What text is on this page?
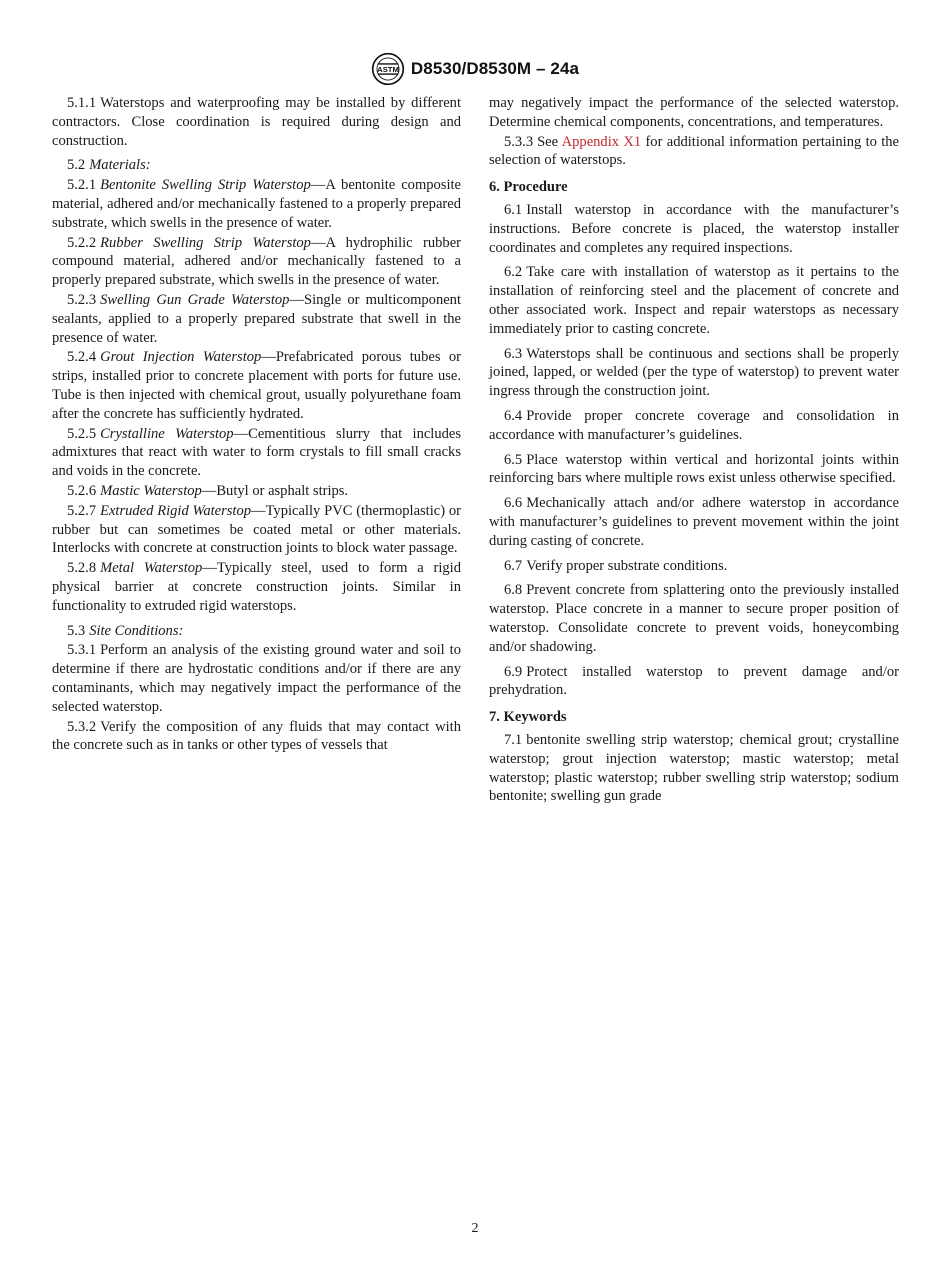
ASTM D8530/D8530M – 24a

5.1.1 Waterstops and waterproofing may be installed by different contractors. Close coordination is required during design and construction.

5.2 Materials:

5.2.1 Bentonite Swelling Strip Waterstop—A bentonite composite material, adhered and/or mechanically fastened to a properly prepared substrate, which swells in the presence of water.

5.2.2 Rubber Swelling Strip Waterstop—A hydrophilic rubber compound material, adhered and/or mechanically fastened to a properly prepared substrate, which swells in the presence of water.

5.2.3 Swelling Gun Grade Waterstop—Single or multicomponent sealants, applied to a properly prepared substrate that swell in the presence of water.

5.2.4 Grout Injection Waterstop—Prefabricated porous tubes or strips, installed prior to concrete placement with ports for future use. Tube is then injected with chemical grout, usually polyurethane foam after the concrete has sufficiently hydrated.

5.2.5 Crystalline Waterstop—Cementitious slurry that includes admixtures that react with water to form crystals to fill small cracks and voids in the concrete.

5.2.6 Mastic Waterstop—Butyl or asphalt strips.

5.2.7 Extruded Rigid Waterstop—Typically PVC (thermoplastic) or rubber but can sometimes be coated metal or other materials. Interlocks with concrete at construction joints to block water passage.

5.2.8 Metal Waterstop—Typically steel, used to form a rigid physical barrier at concrete construction joints. Similar in functionality to extruded rigid waterstops.

5.3 Site Conditions:

5.3.1 Perform an analysis of the existing ground water and soil to determine if there are hydrostatic conditions and/or if there are any contaminants, which may negatively impact the performance of the selected waterstop.

5.3.2 Verify the composition of any fluids that may contact with the concrete such as in tanks or other types of vessels that

may negatively impact the performance of the selected waterstop. Determine chemical components, concentrations, and temperatures.

5.3.3 See Appendix X1 for additional information pertaining to the selection of waterstops.

6. Procedure

6.1 Install waterstop in accordance with the manufacturer’s instructions. Before concrete is placed, the waterstop installer coordinates and completes any required inspections.

6.2 Take care with installation of waterstop as it pertains to the installation of reinforcing steel and the placement of concrete and other associated work. Inspect and repair waterstops as necessary immediately prior to casting concrete.

6.3 Waterstops shall be continuous and sections shall be properly joined, lapped, or welded (per the type of waterstop) to prevent water ingress through the construction joint.

6.4 Provide proper concrete coverage and consolidation in accordance with manufacturer’s guidelines.

6.5 Place waterstop within vertical and horizontal joints within reinforcing bars where multiple rows exist unless otherwise specified.

6.6 Mechanically attach and/or adhere waterstop in accordance with manufacturer’s guidelines to prevent movement within the joint during casting of concrete.

6.7 Verify proper substrate conditions.

6.8 Prevent concrete from splattering onto the previously installed waterstop. Place concrete in a manner to secure proper position of waterstop. Consolidate concrete to prevent voids, honeycombing and/or shadowing.

6.9 Protect installed waterstop to prevent damage and/or prehydration.

7. Keywords

7.1 bentonite swelling strip waterstop; chemical grout; crystalline waterstop; grout injection waterstop; mastic waterstop; metal waterstop; plastic waterstop; rubber swelling strip waterstop; sodium bentonite; swelling gun grade

2
